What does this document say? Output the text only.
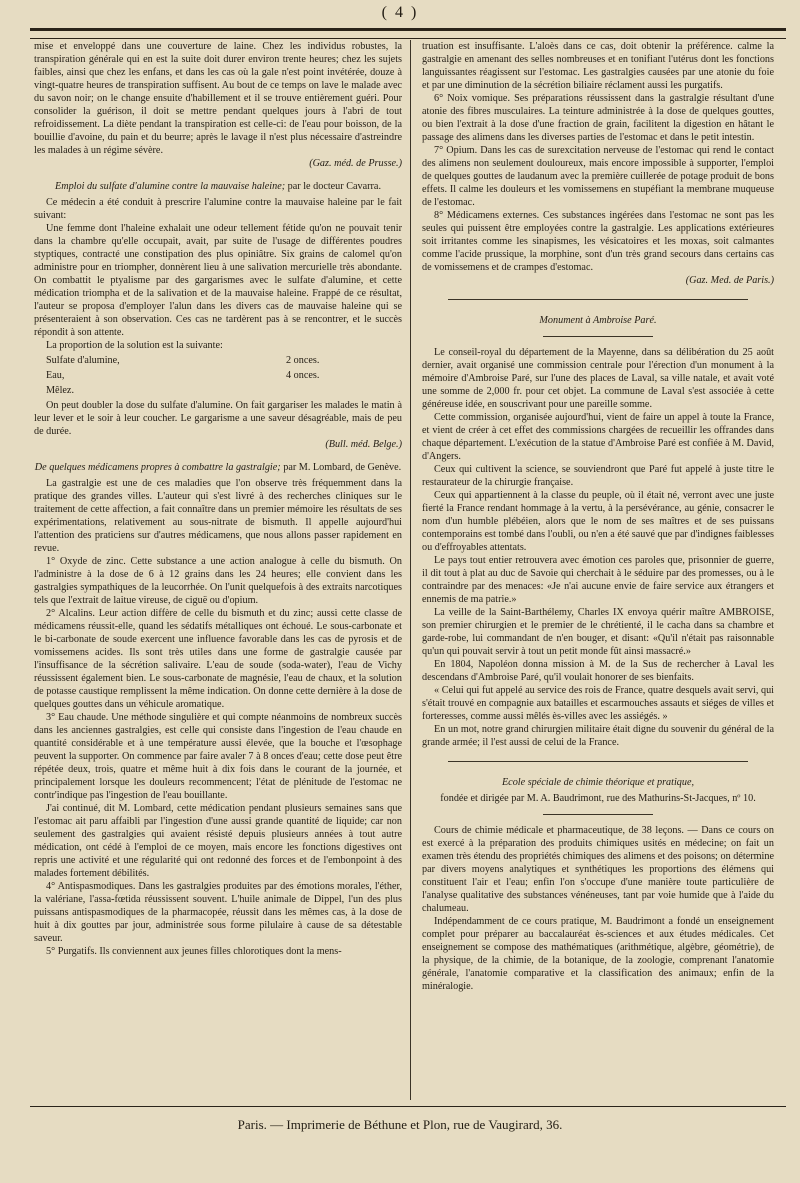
( 4 )

mise et enveloppé dans une couverture de laine. Chez les individus robustes, la transpiration générale qui en est la suite doit durer environ trente heures; chez les sujets faibles, ainsi que chez les enfans, et dans les cas où la gale n'est point invétérée, douze à vingt-quatre heures de transpiration suffisent. Au bout de ce temps on lave le malade avec du savon noir; on le change ensuite d'habillement et il se trouve entièrement guéri. Pour consolider la guérison, il doit se mettre pendant quelques jours à l'abri de tout refroidissement. La diète pendant la transpiration est celle-ci: de l'eau pour boisson, de la bouillie d'avoine, du pain et du beurre; après le lavage il n'est plus nécessaire d'astreindre les malades à un régime sévère.

(Gaz. méd. de Prusse.)

Emploi du sulfate d'alumine contre la mauvaise haleine; par le docteur Cavarra.

Ce médecin a été conduit à prescrire l'alumine contre la mauvaise haleine par le fait suivant:

Une femme dont l'haleine exhalait une odeur tellement fétide qu'on ne pouvait tenir dans la chambre qu'elle occupait, avait, par suite de l'usage de différentes poudres styptiques, contracté une constipation des plus opiniâtre. Six grains de calomel qu'on administre pour en triompher, donnèrent lieu à une salivation mercurielle très abondante. On combattit le ptyalisme par des gargarismes avec le sulfate d'alumine, et cette médication triompha et de la salivation et de la mauvaise haleine. Frappé de ce résultat, l'auteur se proposa d'employer l'alun dans les divers cas de mauvaise haleine qui se présenteraient à son observation. Ces cas ne tardèrent pas à se rencontrer, et le succès répondit à son attente.

La proportion de la solution est la suivante:

Sulfate d'alumine,	2 onces.
Eau,	4 onces.
Mêlez.

On peut doubler la dose du sulfate d'alumine. On fait gargariser les malades le matin à leur lever et le soir à leur coucher. Le gargarisme a une saveur désagréable, mais de peu de durée.

(Bull. méd. Belge.)

De quelques médicamens propres à combattre la gastralgie; par M. Lombard, de Genève.

La gastralgie est une de ces maladies que l'on observe très fréquemment dans la pratique des grandes villes. L'auteur qui s'est livré à des recherches cliniques sur le traitement de cette affection, a fait connaître dans un premier mémoire les résultats de ses expérimentations, relativement au sous-nitrate de bismuth. Il appelle aujourd'hui l'attention des praticiens sur d'autres médicamens, que nous allons passer rapidement en revue.

1° Oxyde de zinc. Cette substance a une action analogue à celle du bismuth. On l'administre à la dose de 6 à 12 grains dans les 24 heures; elle convient dans les gastralgies sympathiques de la leucorrhée. On l'unit quelquefois à des extraits narcotiques tels que l'extrait de laitue vireuse, de ciguë ou d'opium.

2° Alcalins. Leur action diffère de celle du bismuth et du zinc; aussi cette classe de médicamens réussit-elle, quand les sédatifs métalliques ont échoué. Le sous-carbonate et le bi-carbonate de soude exercent une influence favorable dans les cas de pyrosis et de vomissemens acides. Ils sont très utiles dans une forme de gastralgie causée par l'insuffisance de la sécrétion salivaire. L'eau de soude (soda-water), l'eau de Vichy réussissent également bien. Le sous-carbonate de magnésie, l'eau de chaux, et la solution de potasse caustique remplissent la même indication. On donne cette dernière à la dose de quelques gouttes dans un véhicule aromatique.

3° Eau chaude. Une méthode singulière et qui compte néanmoins de nombreux succès dans les anciennes gastralgies, est celle qui consiste dans l'ingestion de l'eau chaude en quantité considérable et à une température aussi élevée, que la bouche et l'œsophage peuvent la supporter. On commence par faire avaler 7 à 8 onces d'eau; cette dose peut être répétée deux, trois, quatre et même huit à dix fois dans le courant de la journée, et principalement lorsque les douleurs recommencent; l'état de plénitude de l'estomac ne contr'indique pas l'ingestion de l'eau bouillante.

J'ai continué, dit M. Lombard, cette médication pendant plusieurs semaines sans que l'estomac ait paru affaibli par l'ingestion d'une aussi grande quantité de liquide; car non seulement des gastralgies qui avaient résisté depuis plusieurs années à tout autre médication, ont cédé à l'emploi de ce moyen, mais encore les fonctions digestives ont repris une activité et une régularité qui ont redonné des forces et de l'embonpoint à des malades fortement débilités.

4° Antispasmodiques. Dans les gastralgies produites par des émotions morales, l'éther, la valériane, l'assa-fœtida réussissent souvent. L'huile animale de Dippel, l'un des plus puissans antispasmodiques de la pharmacopée, réussit dans les mêmes cas, à la dose de huit à dix gouttes par jour, administrée sous forme pilulaire à cause de sa détestable saveur.

5° Purgatifs. Ils conviennent aux jeunes filles chlorotiques dont la mens-

truation est insuffisante. L'aloès dans ce cas, doit obtenir la préférence. calme la gastralgie en amenant des selles nombreuses et en tonifiant l'utérus dont les fonctions languissantes réagissent sur l'estomac. Les gastralgies causées par une atonie du foie et par une diminution de la sécrétion biliaire réclament aussi les purgatifs.

6° Noix vomique. Ses préparations réussissent dans la gastralgie résultant d'une atonie des fibres musculaires. La teinture administrée à la dose de quelques gouttes, ou bien l'extrait à la dose d'une fraction de grain, facilitent la digestion en hâtant le passage des alimens dans les diverses parties de l'estomac et dans le petit intestin.

7° Opium. Dans les cas de surexcitation nerveuse de l'estomac qui rend le contact des alimens non seulement douloureux, mais encore impossible à supporter, l'emploi de quelques gouttes de laudanum avec la première cuillerée de potage produit de bons effets. Il calme les douleurs et les vomissemens en stupéfiant la membrane muqueuse de l'estomac.

8° Médicamens externes. Ces substances ingérées dans l'estomac ne sont pas les seules qui puissent être employées contre la gastralgie. Les applications extérieures soit irritantes comme les sinapismes, les vésicatoires et les moxas, soit calmantes comme l'acide prussique, la morphine, sont d'un très grand secours dans certains cas de vomissemens et de crampes d'estomac.

(Gaz. Med. de Paris.)

Monument à Ambroise Paré.

Le conseil-royal du département de la Mayenne, dans sa délibération du 25 août dernier, avait organisé une commission centrale pour l'érection d'un monument à la mémoire d'Ambroise Paré, sur l'une des places de Laval, sa ville natale, et avait voté une somme de 2,000 fr. pour cet objet. La commune de Laval s'est associée à cette généreuse idée, en souscrivant pour une pareille somme.

Cette commission, organisée aujourd'hui, vient de faire un appel à toute la France, et vient de créer à cet effet des commissions chargées de recueillir les offrandes dans chaque département. L'exécution de la statue d'Ambroise Paré est confiée à M. David, d'Angers.

Ceux qui cultivent la science, se souviendront que Paré fut appelé à juste titre le restaurateur de la chirurgie française.

Ceux qui appartiennent à la classe du peuple, où il était né, verront avec une juste fierté la France rendant hommage à la vertu, à la persévérance, au génie, consacrer le nom d'un humble plébéien, alors que le nom de ses maîtres et de ses puissans contemporains est tombé dans l'oubli, ou n'en a été sauvé que par d'indignes faiblesses ou d'effroyables attentats.

Le pays tout entier retrouvera avec émotion ces paroles que, prisonnier de guerre, il dit tout à plat au duc de Savoie qui cherchait à le séduire par des promesses, ou à le contraindre par des menaces: «Je n'ai aucune envie de faire service aux étrangers et ennemis de ma patrie.»

La veille de la Saint-Barthélemy, Charles IX envoya quérir maître AMBROISE, son premier chirurgien et le premier de le chrétienté, il le cacha dans sa chambre et garde-robe, lui commandant de n'en bouger, et disant: «Qu'il n'était pas raisonnable qu'un qui pouvait servir à tout un petit monde fût ainsi massacré.»

En 1804, Napoléon donna mission à M. de la Sus de rechercher à Laval les descendans d'Ambroise Paré, qu'il voulait honorer de ses bienfaits.

« Celui qui fut appelé au service des rois de France, quatre desquels avait servi, qui s'était trouvé en compagnie aux batailles et escarmouches assauts et siéges de villes et forteresses, comme aussi mêlés ès-villes avec les assiégés. »

En un mot, notre grand chirurgien militaire était digne du souvenir du général de la grande armée; il l'est aussi de celui de la France.

Ecole spéciale de chimie théorique et pratique,

fondée et dirigée par M. A. Baudrimont, rue des Mathurins-St-Jacques, nº 10.

Cours de chimie médicale et pharmaceutique, de 38 leçons. — Dans ce cours on est exercé à la préparation des produits chimiques usités en médecine; on fait un examen très étendu des propriétés chimiques des alimens et des poisons; on détermine par divers moyens analytiques et synthétiques les proportions des élémens qui constituent l'air et l'eau; enfin l'on s'occupe d'une manière toute particulière de l'analyse qualitative des substances vénéneuses, tant par voie humide que à l'aide du chalumeau.

Indépendamment de ce cours pratique, M. Baudrimont a fondé un enseignement complet pour préparer au baccalauréat ès-sciences et aux études médicales. Cet enseignement se compose des mathématiques (arithmétique, algèbre, géométrie), de la physique, de la chimie, de la botanique, de la zoologie, comprenant l'anatomie générale, l'anatomie comparative et la classification des animaux; enfin de la minéralogie.

Paris. — Imprimerie de Béthune et Plon, rue de Vaugirard, 36.
